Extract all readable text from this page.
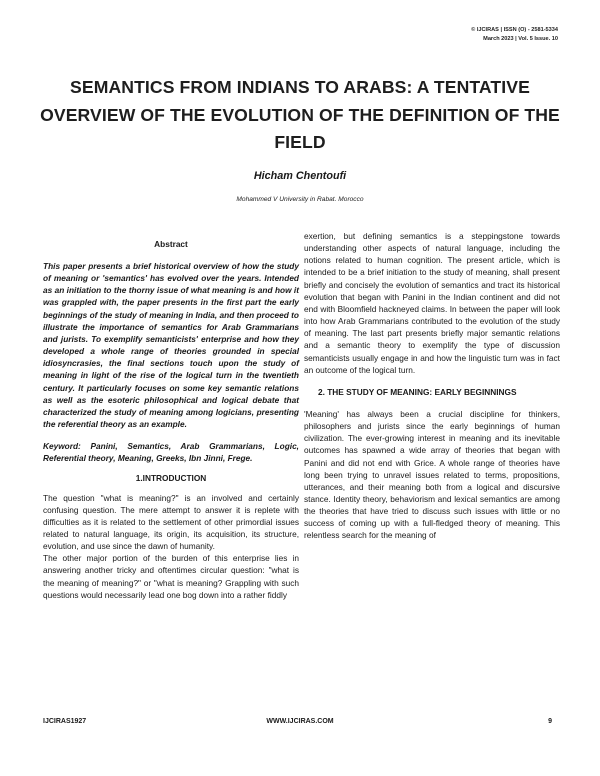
© IJCIRAS | ISSN (O) - 2581-5334
March 2023 | Vol. 5 Issue. 10
SEMANTICS FROM INDIANS TO ARABS: A TENTATIVE OVERVIEW OF THE EVOLUTION OF THE DEFINITION OF THE FIELD
Hicham Chentoufi
Mohammed V University in Rabat. Morocco
Abstract

This paper presents a brief historical overview of how the study of meaning or 'semantics' has evolved over the years. Intended as an initiation to the thorny issue of what meaning is and how it was grappled with, the paper presents in the first part the early beginnings of the study of meaning in India, and then proceed to illustrate the importance of semantics for Arab Grammarians and jurists. To exemplify semanticists' enterprise and how they developed a whole range of theories grounded in special idiosyncrasies, the final sections touch upon the study of meaning in light of the rise of the logical turn in the twentieth century. It particularly focuses on some key semantic relations as well as the esoteric philosophical and logical debate that characterized the study of meaning among logicians, presenting the referential theory as an example.

Keyword: Panini, Semantics, Arab Grammarians, Logic, Referential theory, Meaning, Greeks, Ibn Jinni, Frege.

1.INTRODUCTION

The question "what is meaning?" is an involved and certainly confusing question. The mere attempt to answer it is replete with difficulties as it is related to the settlement of other primordial issues related to natural language, its origin, its acquisition, its structure, evolution, and use since the dawn of humanity.

The other major portion of the burden of this enterprise lies in answering another tricky and oftentimes circular question: "what is the meaning of meaning?" or "what is meaning? Grappling with such questions would necessarily lead one bog down into a rather fiddly

exertion, but defining semantics is a steppingstone towards understanding other aspects of natural language, including the notions related to human cognition. The present article, which is intended to be a brief initiation to the study of meaning, shall present briefly and concisely the evolution of semantics and tract its historical evolution that began with Panini in the Indian continent and did not end with Bloomfield hackneyed claims. In between the paper will look into how Arab Grammarians contributed to the evolution of the study of meaning. The last part presents briefly major semantic relations and a semantic theory to exemplify the type of discussion semanticists usually engage in and how the linguistic turn was in fact an outcome of the logical turn.

2. THE STUDY OF MEANING: EARLY BEGINNINGS

'Meaning' has always been a crucial discipline for thinkers, philosophers and jurists since the early beginnings of human civilization. The ever-growing interest in meaning and its inevitable outcomes has spawned a wide array of theories that began with Panini and did not end with Grice. A whole range of theories have long been trying to unravel issues related to terms, propositions, utterances, and their meaning both from a logical and discursive stance. Identity theory, behaviorism and lexical semantics are among the theories that have tried to discuss such issues with little or no success of coming up with a full-fledged theory of meaning. This relentless search for the meaning of

IJCIRAS1927	WWW.IJCIRAS.COM	9
